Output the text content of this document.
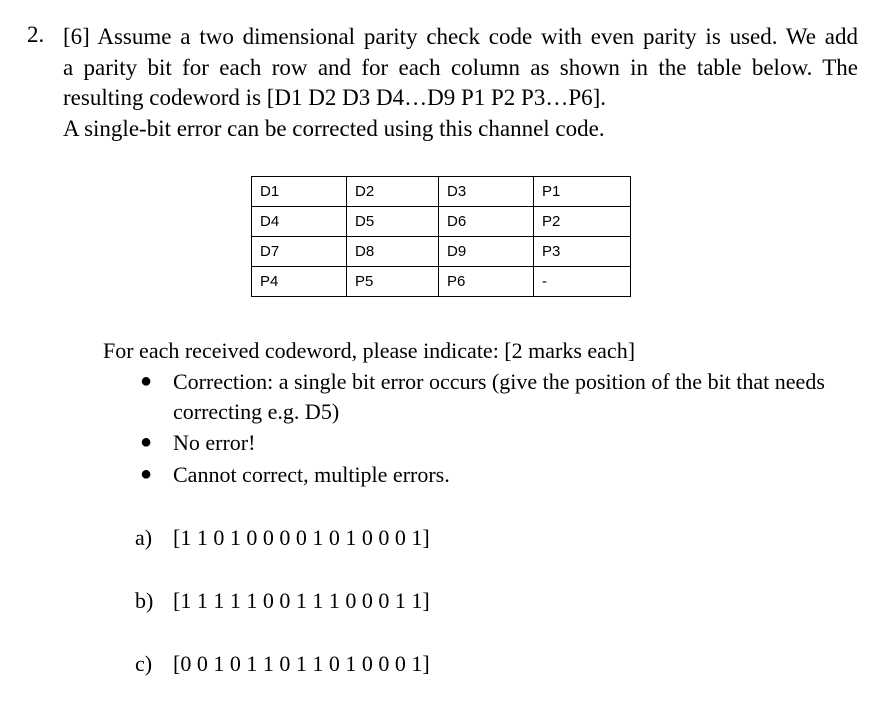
2. [6] Assume a two dimensional parity check code with even parity is used. We add
a parity bit for each row and for each column as shown in the table below. The
resulting codeword is [D1 D2 D3 D4…D9 P1 P2 P3…P6].
A single-bit error can be corrected using this channel code.
D1	D2	D3	P1
D4	D5	D6	P2
D7	D8	D9	P3
P4	P5	P6	-
For each received codeword, please indicate: [2 marks each]
● Correction: a single bit error occurs (give the position of the bit that needs correcting e.g. D5)
● No error!
● Cannot correct, multiple errors.
a) [1 1 0 1 0 0 0 0 1 0 1 0 0 0 1]
b) [1 1 1 1 1 0 0 1 1 1 0 0 0 1 1]
c) [0 0 1 0 1 1 0 1 1 0 1 0 0 0 1]
